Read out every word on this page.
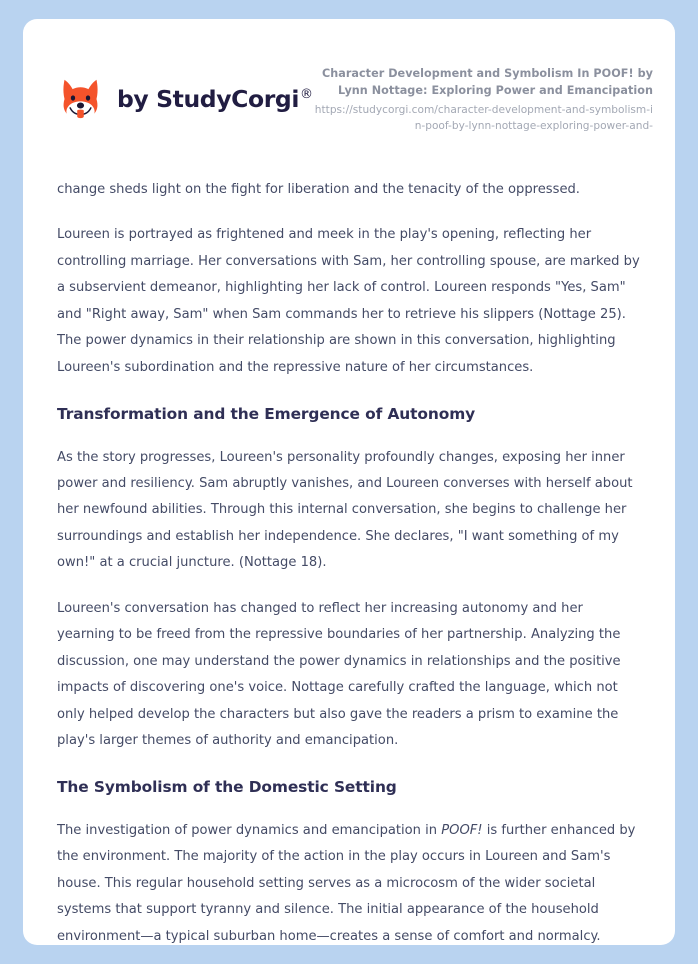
by StudyCorgi®
Character Development and Symbolism In POOF! by Lynn Nottage: Exploring Power and Emancipation
https://studycorgi.com/character-development-and-symbolism-in-poof-by-lynn-nottage-exploring-power-and-

change sheds light on the fight for liberation and the tenacity of the oppressed.

Loureen is portrayed as frightened and meek in the play's opening, reflecting her controlling marriage. Her conversations with Sam, her controlling spouse, are marked by a subservient demeanor, highlighting her lack of control. Loureen responds "Yes, Sam" and "Right away, Sam" when Sam commands her to retrieve his slippers (Nottage 25). The power dynamics in their relationship are shown in this conversation, highlighting Loureen's subordination and the repressive nature of her circumstances.

Transformation and the Emergence of Autonomy

As the story progresses, Loureen's personality profoundly changes, exposing her inner power and resiliency. Sam abruptly vanishes, and Loureen converses with herself about her newfound abilities. Through this internal conversation, she begins to challenge her surroundings and establish her independence. She declares, "I want something of my own!" at a crucial juncture. (Nottage 18).

Loureen's conversation has changed to reflect her increasing autonomy and her yearning to be freed from the repressive boundaries of her partnership. Analyzing the discussion, one may understand the power dynamics in relationships and the positive impacts of discovering one's voice. Nottage carefully crafted the language, which not only helped develop the characters but also gave the readers a prism to examine the play's larger themes of authority and emancipation.

The Symbolism of the Domestic Setting

The investigation of power dynamics and emancipation in POOF! is further enhanced by the environment. The majority of the action in the play occurs in Loureen and Sam's house. This regular household setting serves as a microcosm of the wider societal systems that support tyranny and silence. The initial appearance of the household environment—a typical suburban home—creates a sense of comfort and normalcy.
